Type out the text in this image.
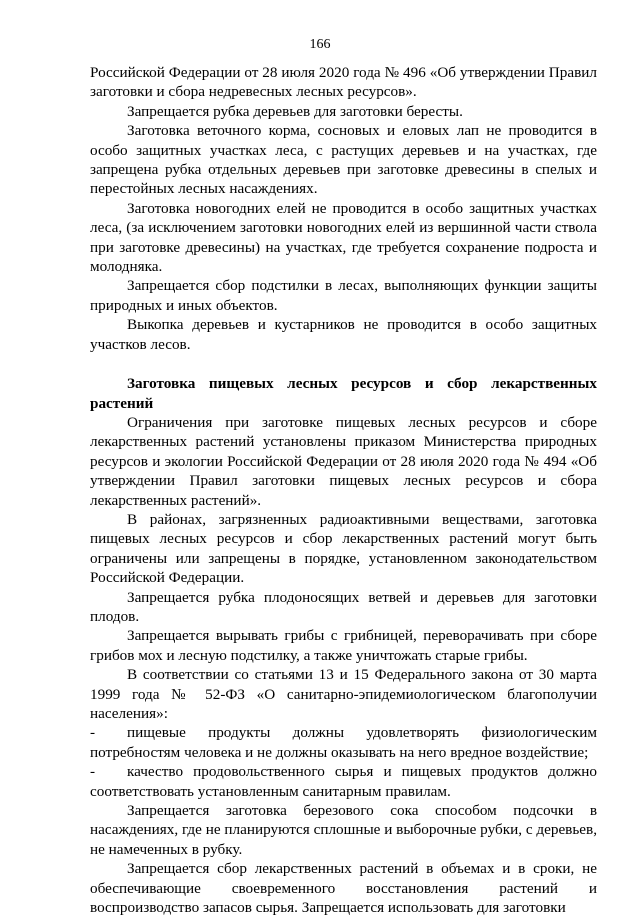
166

Российской Федерации от 28 июля 2020 года № 496 «Об утверждении Правил заготовки и сбора недревесных лесных ресурсов».

Запрещается рубка деревьев для заготовки бересты.

Заготовка веточного корма, сосновых и еловых лап не проводится в особо защитных участках леса, с растущих деревьев и на участках, где запрещена рубка отдельных деревьев при заготовке древесины в спелых и перестойных лесных насаждениях.

Заготовка новогодних елей не проводится в особо защитных участках леса, (за исключением заготовки новогодних елей из вершинной части ствола при заготовке древесины) на участках, где требуется сохранение подроста и молодняка.

Запрещается сбор подстилки в лесах, выполняющих функции защиты природных и иных объектов.

Выкопка деревьев и кустарников не проводится в особо защитных участков лесов.

Заготовка пищевых лесных ресурсов и сбор лекарственных растений

Ограничения при заготовке пищевых лесных ресурсов и сборе лекарственных растений установлены приказом Министерства природных ресурсов и экологии Российской Федерации от 28 июля 2020 года № 494 «Об утверждении Правил заготовки пищевых лесных ресурсов и сбора лекарственных растений».

В районах, загрязненных радиоактивными веществами, заготовка пищевых лесных ресурсов и сбор лекарственных растений могут быть ограничены или запрещены в порядке, установленном законодательством Российской Федерации.

Запрещается рубка плодоносящих ветвей и деревьев для заготовки плодов.

Запрещается вырывать грибы с грибницей, переворачивать при сборе грибов мох и лесную подстилку, а также уничтожать старые грибы.

В соответствии со статьями 13 и 15 Федерального закона от 30 марта 1999 года № 52-ФЗ «О санитарно-эпидемиологическом благополучии населения»:

- пищевые продукты должны удовлетворять физиологическим потребностям человека и не должны оказывать на него вредное воздействие;

- качество продовольственного сырья и пищевых продуктов должно соответствовать установленным санитарным правилам.

Запрещается заготовка березового сока способом подсочки в насаждениях, где не планируются сплошные и выборочные рубки, с деревьев, не намеченных в рубку.

Запрещается сбор лекарственных растений в объемах и в сроки, не обеспечивающие своевременного восстановления растений и воспроизводство запасов сырья. Запрещается использовать для заготовки
